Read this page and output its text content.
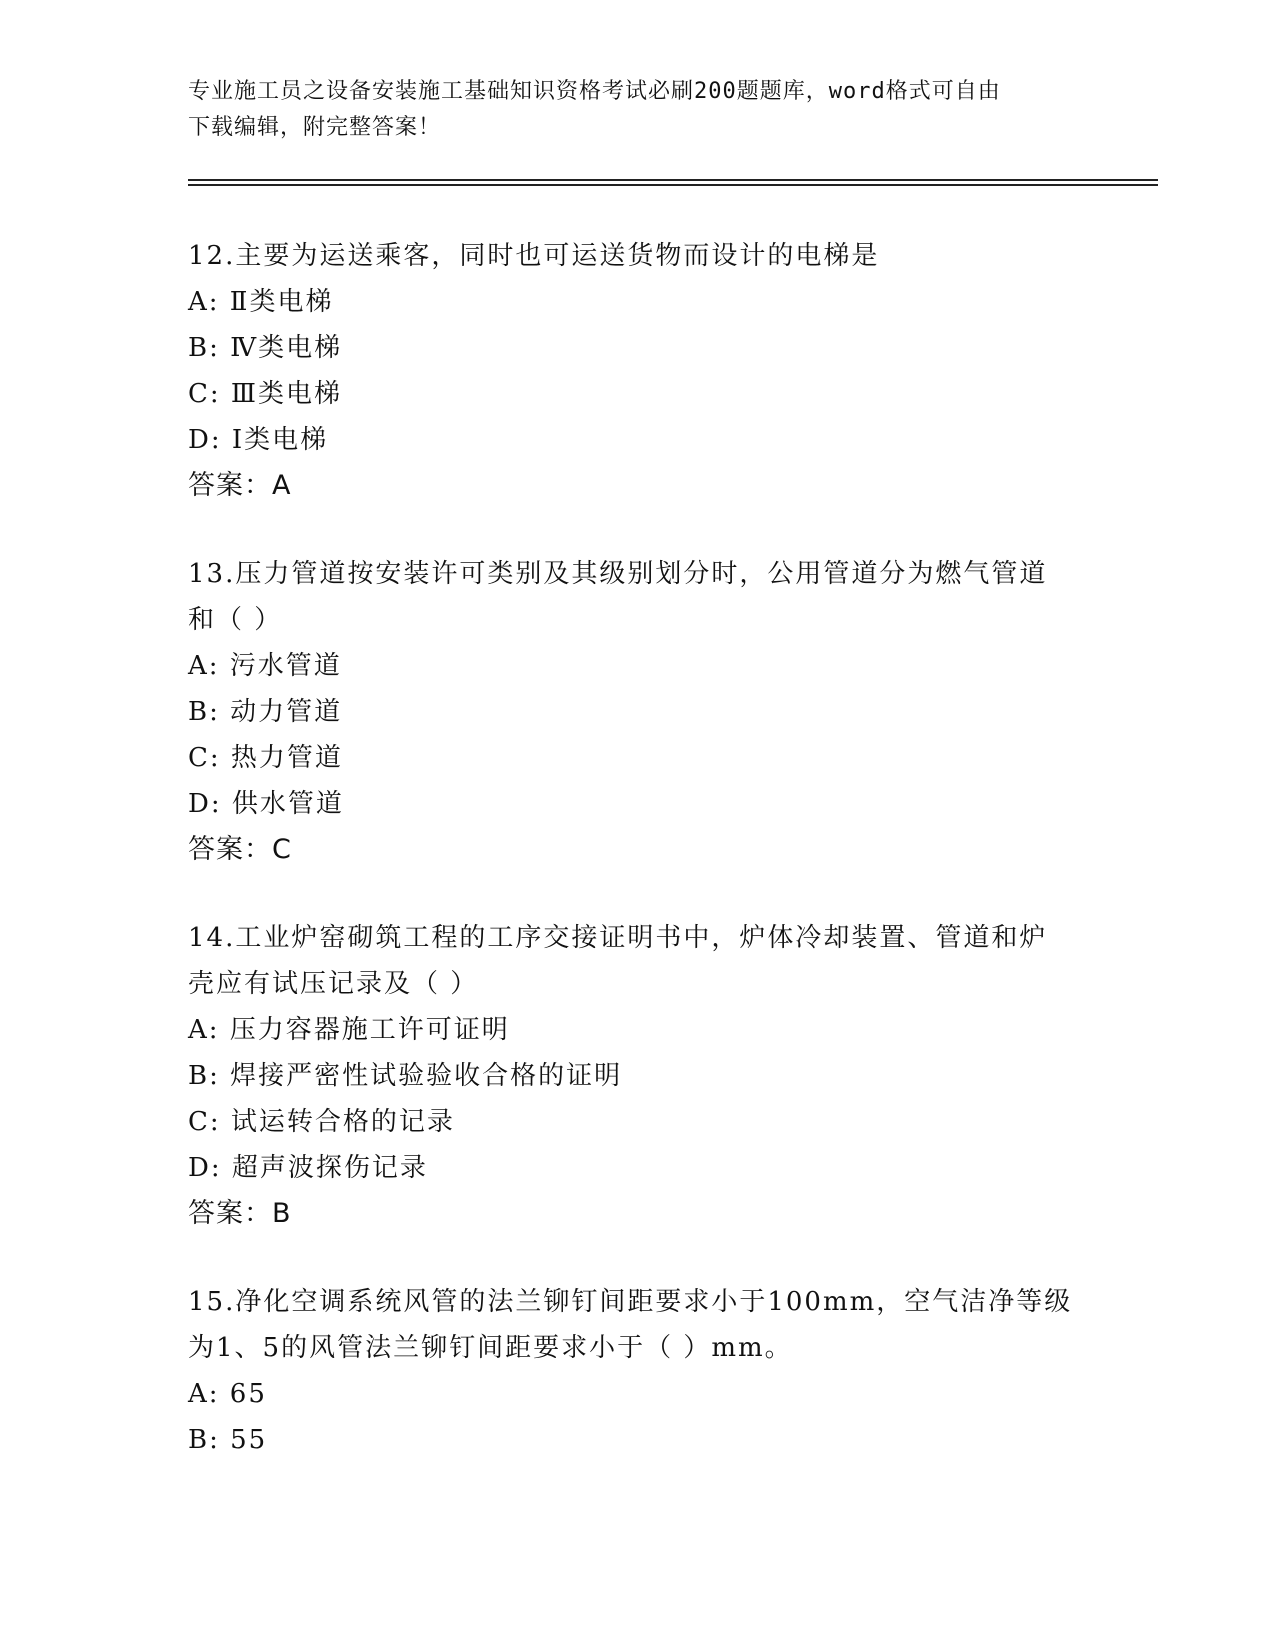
专业施工员之设备安装施工基础知识资格考试必刷200题题库，word格式可自由
下载编辑，附完整答案！
12.主要为运送乘客，同时也可运送货物而设计的电梯是
A: Ⅱ类电梯
B: Ⅳ类电梯
C: Ⅲ类电梯
D: Ⅰ类电梯
答案：A
13.压力管道按安装许可类别及其级别划分时，公用管道分为燃气管道
和（ ）
A: 污水管道
B: 动力管道
C: 热力管道
D: 供水管道
答案：C
14.工业炉窑砌筑工程的工序交接证明书中，炉体冷却装置、管道和炉
壳应有试压记录及（ ）
A: 压力容器施工许可证明
B: 焊接严密性试验验收合格的证明
C: 试运转合格的记录
D: 超声波探伤记录
答案：B
15.净化空调系统风管的法兰铆钉间距要求小于100mm，空气洁净等级
为1、5的风管法兰铆钉间距要求小于（ ）mm。
A: 65
B: 55
